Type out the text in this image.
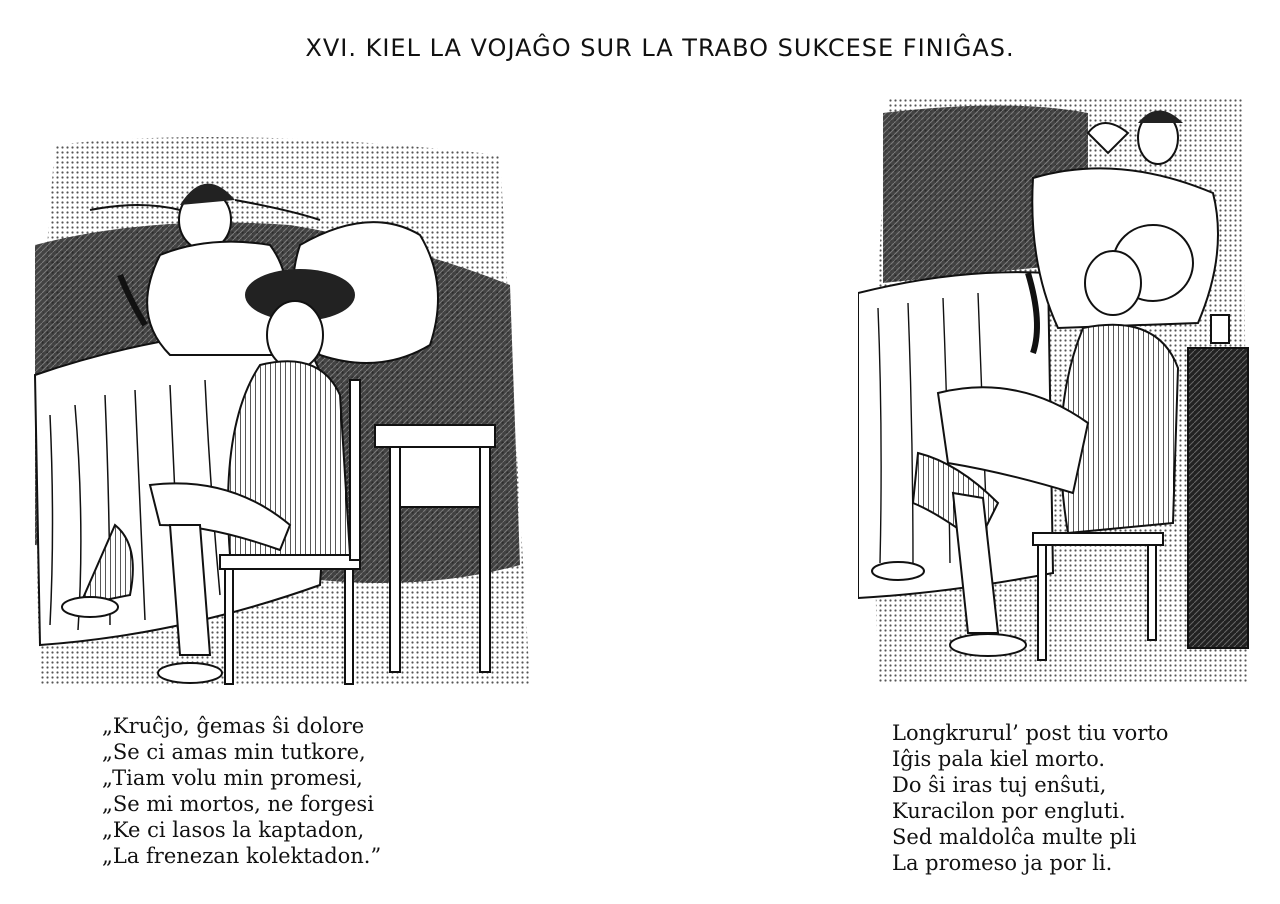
XVI. KIEL LA VOJAĜO SUR LA TRABO SUKCESE FINIĜAS.
„Kruĉjo, ĝemas ŝi dolore
„Se ci amas min tutkore,
„Tiam volu min promesi,
„Se mi mortos, ne forgesi
„Ke ci lasos la kaptadon,
„La frenezan kolektadon.”
Longkrurul’ post tiu vorto
Iĝis pala kiel morto.
Do ŝi iras tuj enŝuti,
Kuracilon por engluti.
Sed maldolĉa multe pli
La promeso ja por li.
